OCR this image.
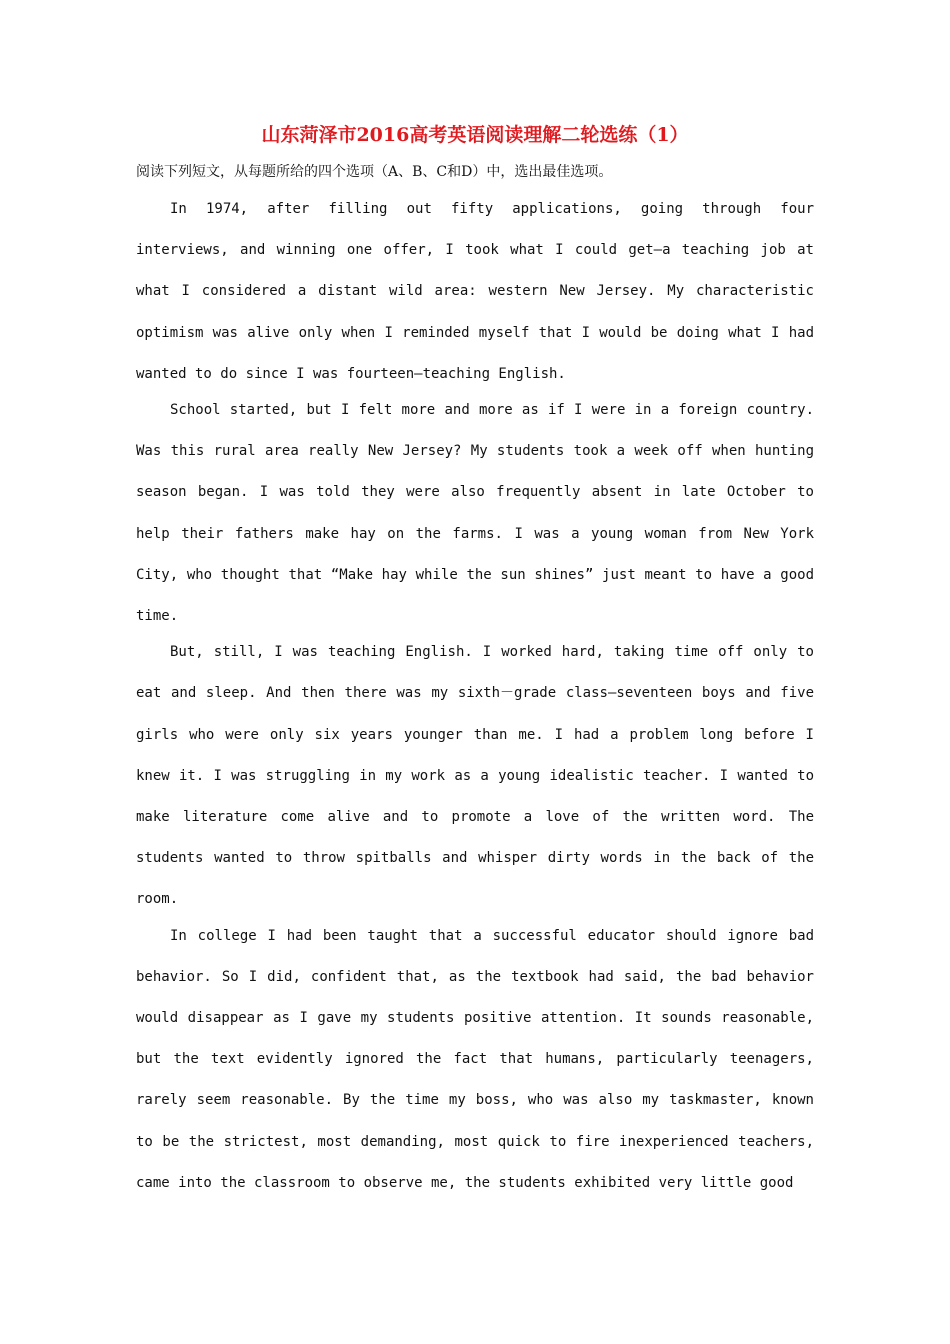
山东菏泽市2016高考英语阅读理解二轮选练（1）

阅读下列短文，从每题所给的四个选项（A、B、C和D）中，选出最佳选项。

In 1974, after filling out fifty applications, going through four interviews, and winning one offer, I took what I could get—a teaching job at what I considered a distant wild area: western New Jersey. My characteristic optimism was alive only when I reminded myself that I would be doing what I had wanted to do since I was fourteen—teaching English.

School started, but I felt more and more as if I were in a foreign country. Was this rural area really New Jersey? My students took a week off when hunting season began. I was told they were also frequently absent in late October to help their fathers make hay on the farms. I was a young woman from New York City, who thought that “Make hay while the sun shines” just meant to have a good time.

But, still, I was teaching English. I worked hard, taking time off only to eat and sleep. And then there was my sixth－grade class—seventeen boys and five girls who were only six years younger than me. I had a problem long before I knew it. I was struggling in my work as a young idealistic teacher. I wanted to make literature come alive and to promote a love of the written word. The students wanted to throw spitballs and whisper dirty words in the back of the room.

In college I had been taught that a successful educator should ignore bad behavior. So I did, confident that, as the textbook had said, the bad behavior would disappear as I gave my students positive attention. It sounds reasonable, but the text evidently ignored the fact that humans, particularly teenagers, rarely seem reasonable. By the time my boss, who was also my taskmaster, known to be the strictest, most demanding, most quick to fire inexperienced teachers, came into the classroom to observe me, the students exhibited very little good
